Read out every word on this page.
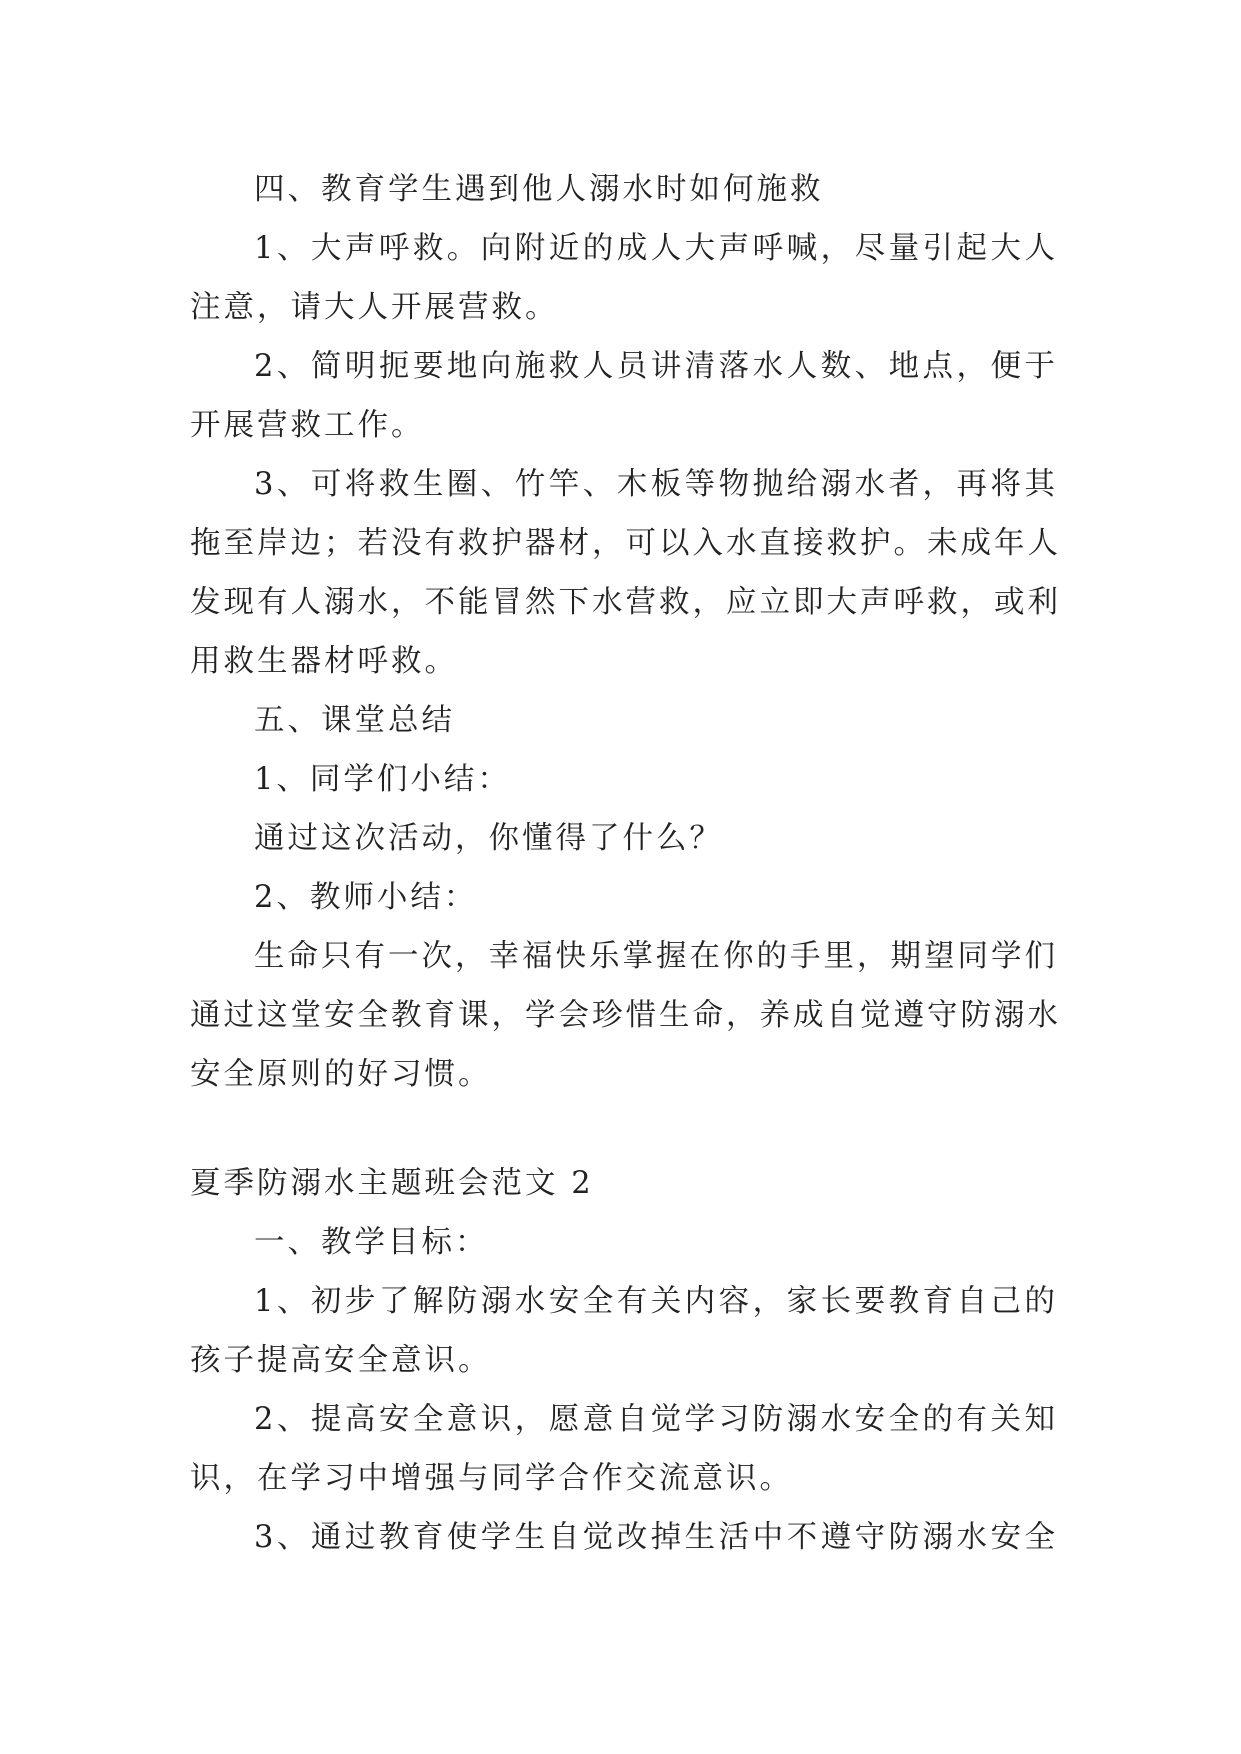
四、教育学生遇到他人溺水时如何施救
1、大声呼救。向附近的成人大声呼喊，尽量引起大人
注意，请大人开展营救。
2、简明扼要地向施救人员讲清落水人数、地点，便于
开展营救工作。
3、可将救生圈、竹竿、木板等物抛给溺水者，再将其
拖至岸边；若没有救护器材，可以入水直接救护。未成年人
发现有人溺水，不能冒然下水营救，应立即大声呼救，或利
用救生器材呼救。
五、课堂总结
1、同学们小结：
通过这次活动，你懂得了什么？
2、教师小结：
生命只有一次，幸福快乐掌握在你的手里，期望同学们
通过这堂安全教育课，学会珍惜生命，养成自觉遵守防溺水
安全原则的好习惯。
夏季防溺水主题班会范文 2
一、教学目标：
1、初步了解防溺水安全有关内容，家长要教育自己的
孩子提高安全意识。
2、提高安全意识，愿意自觉学习防溺水安全的有关知
识，在学习中增强与同学合作交流意识。
3、通过教育使学生自觉改掉生活中不遵守防溺水安全
